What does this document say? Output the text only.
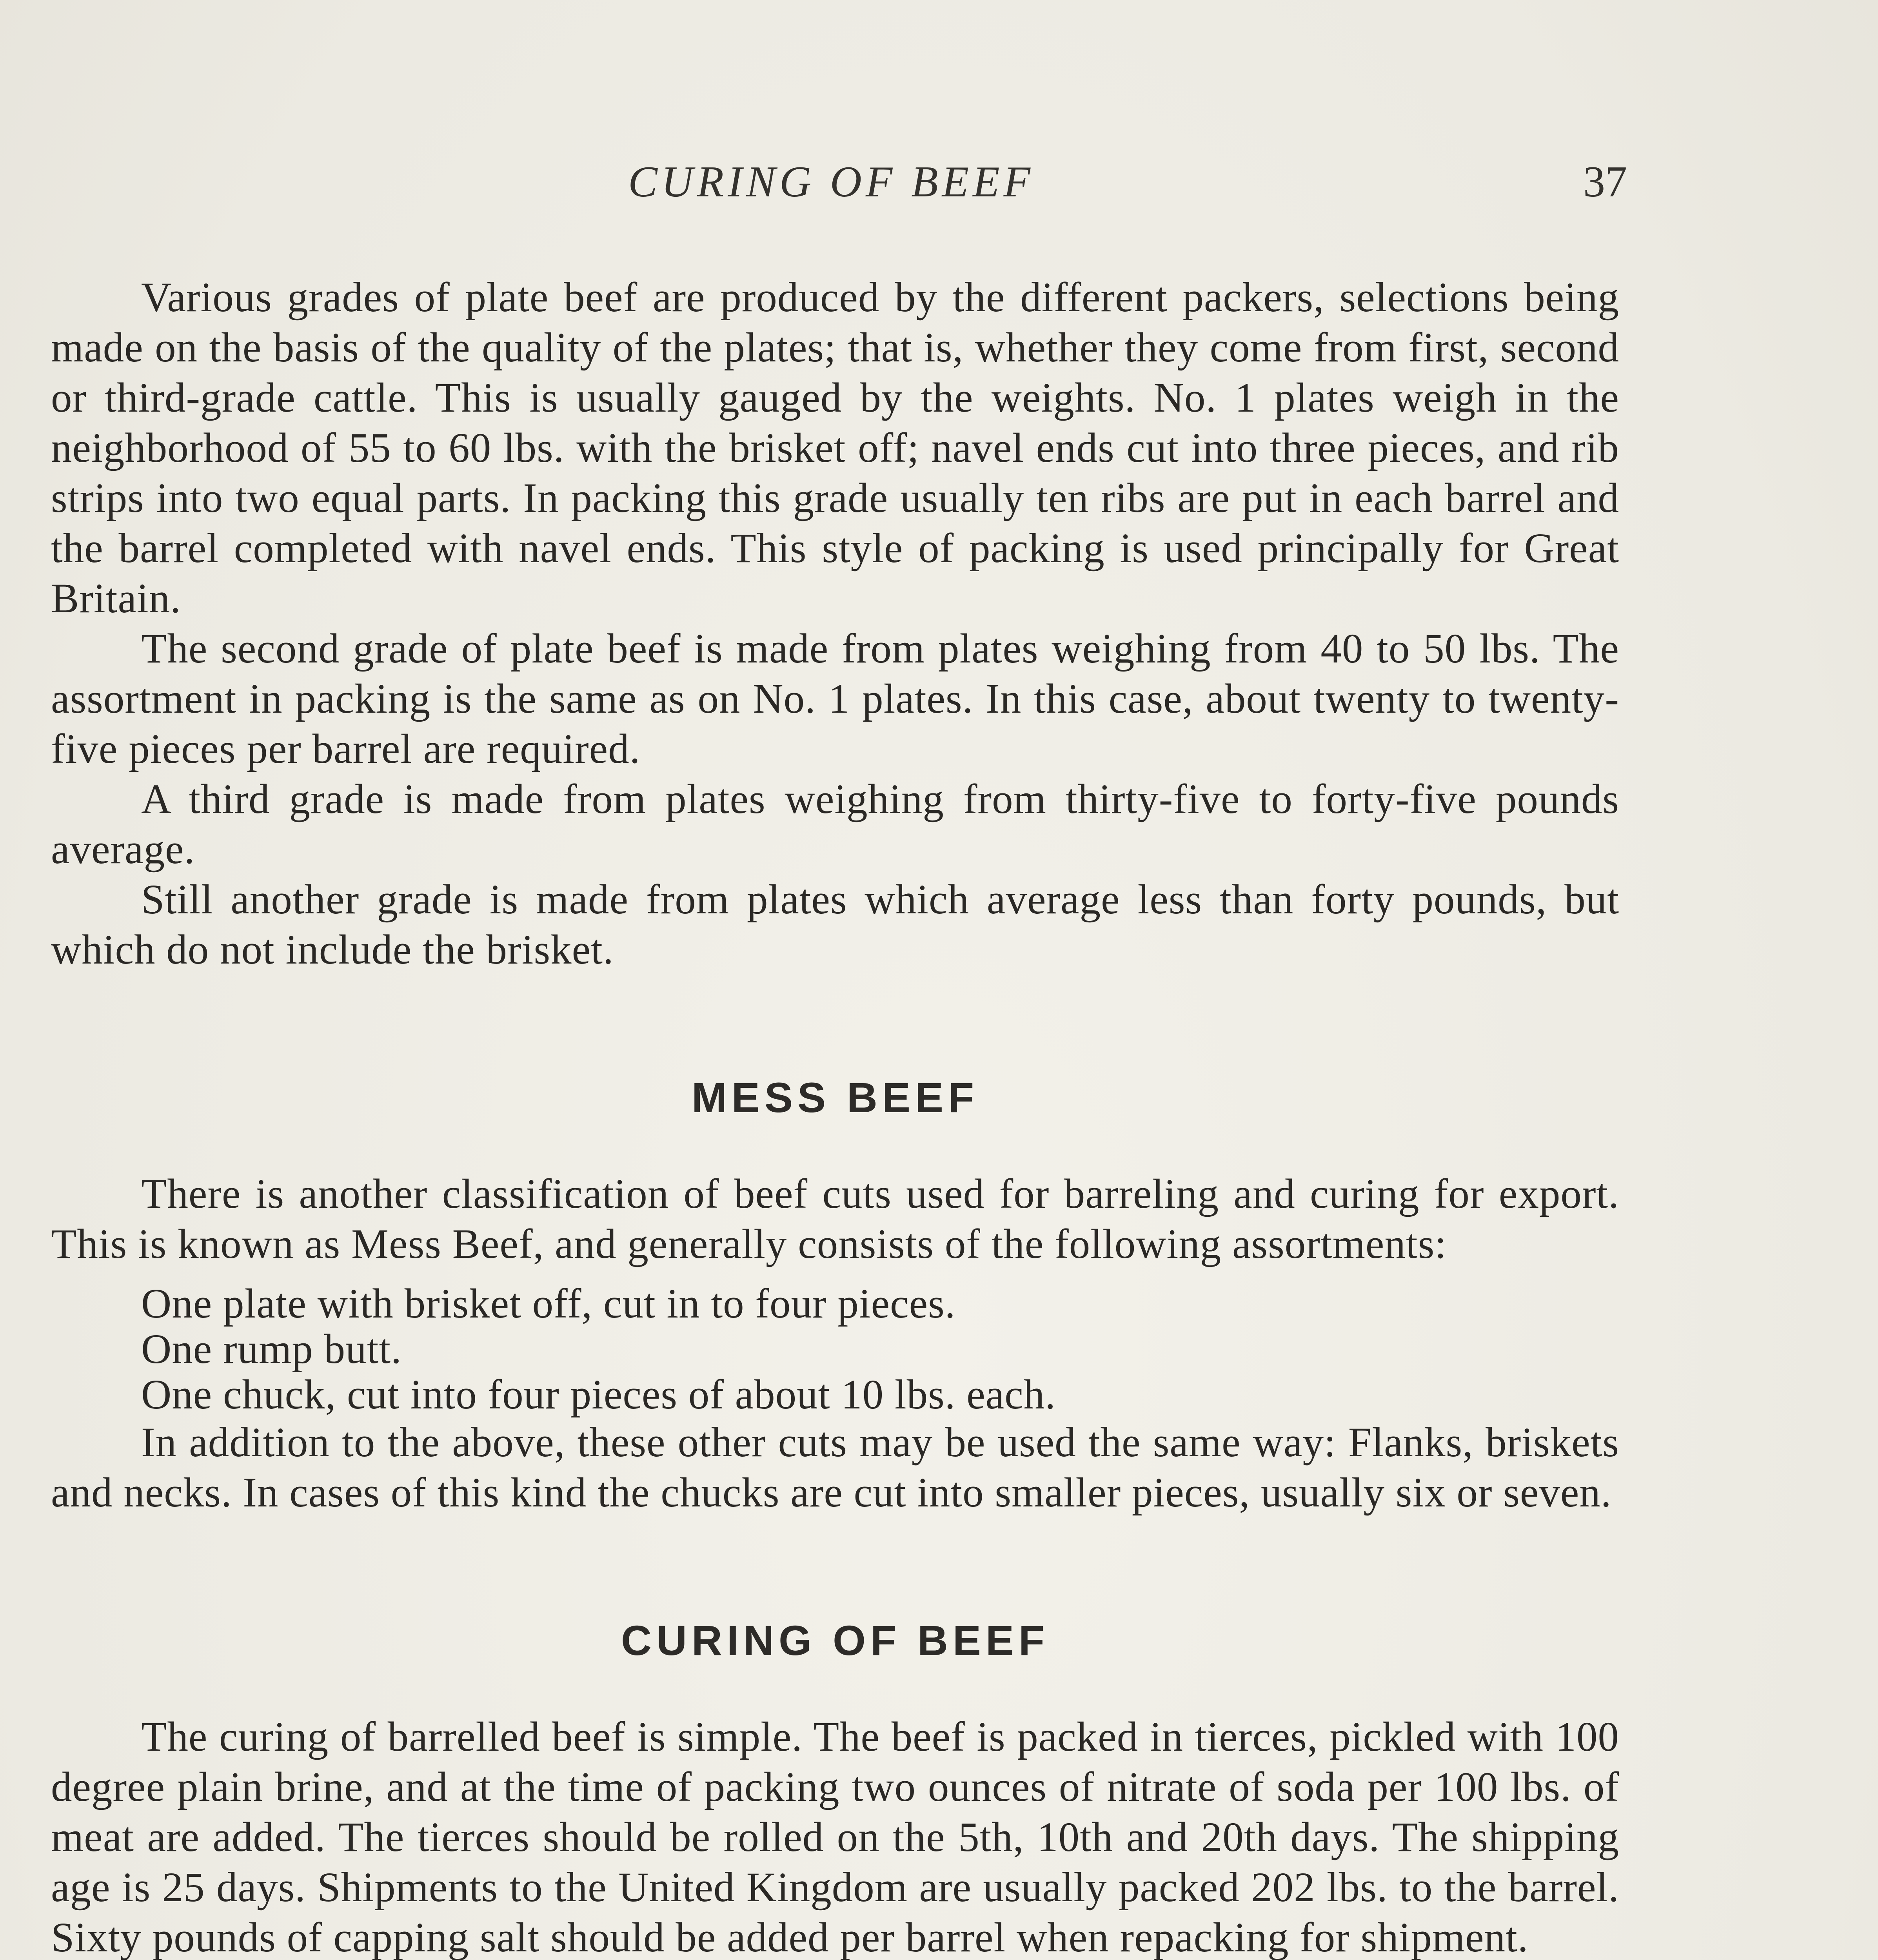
CURING OF BEEF	37

Various grades of plate beef are produced by the different packers, selections being made on the basis of the quality of the plates; that is, whether they come from first, second or third-grade cattle. This is usually gauged by the weights. No. 1 plates weigh in the neighborhood of 55 to 60 lbs. with the brisket off; navel ends cut into three pieces, and rib strips into two equal parts. In packing this grade usually ten ribs are put in each barrel and the barrel completed with navel ends. This style of packing is used principally for Great Britain.

The second grade of plate beef is made from plates weighing from 40 to 50 lbs. The assortment in packing is the same as on No. 1 plates. In this case, about twenty to twenty-five pieces per barrel are required.

A third grade is made from plates weighing from thirty-five to forty-five pounds average.

Still another grade is made from plates which average less than forty pounds, but which do not include the brisket.

MESS BEEF

There is another classification of beef cuts used for barreling and curing for export. This is known as Mess Beef, and generally consists of the following assortments:

One plate with brisket off, cut in to four pieces.

One rump butt.

One chuck, cut into four pieces of about 10 lbs. each.

In addition to the above, these other cuts may be used the same way: Flanks, briskets and necks. In cases of this kind the chucks are cut into smaller pieces, usually six or seven.

CURING OF BEEF

The curing of barrelled beef is simple. The beef is packed in tierces, pickled with 100 degree plain brine, and at the time of packing two ounces of nitrate of soda per 100 lbs. of meat are added. The tierces should be rolled on the 5th, 10th and 20th days. The shipping age is 25 days. Shipments to the United Kingdom are usually packed 202 lbs. to the barrel. Sixty pounds of capping salt should be added per barrel when repacking for shipment.
